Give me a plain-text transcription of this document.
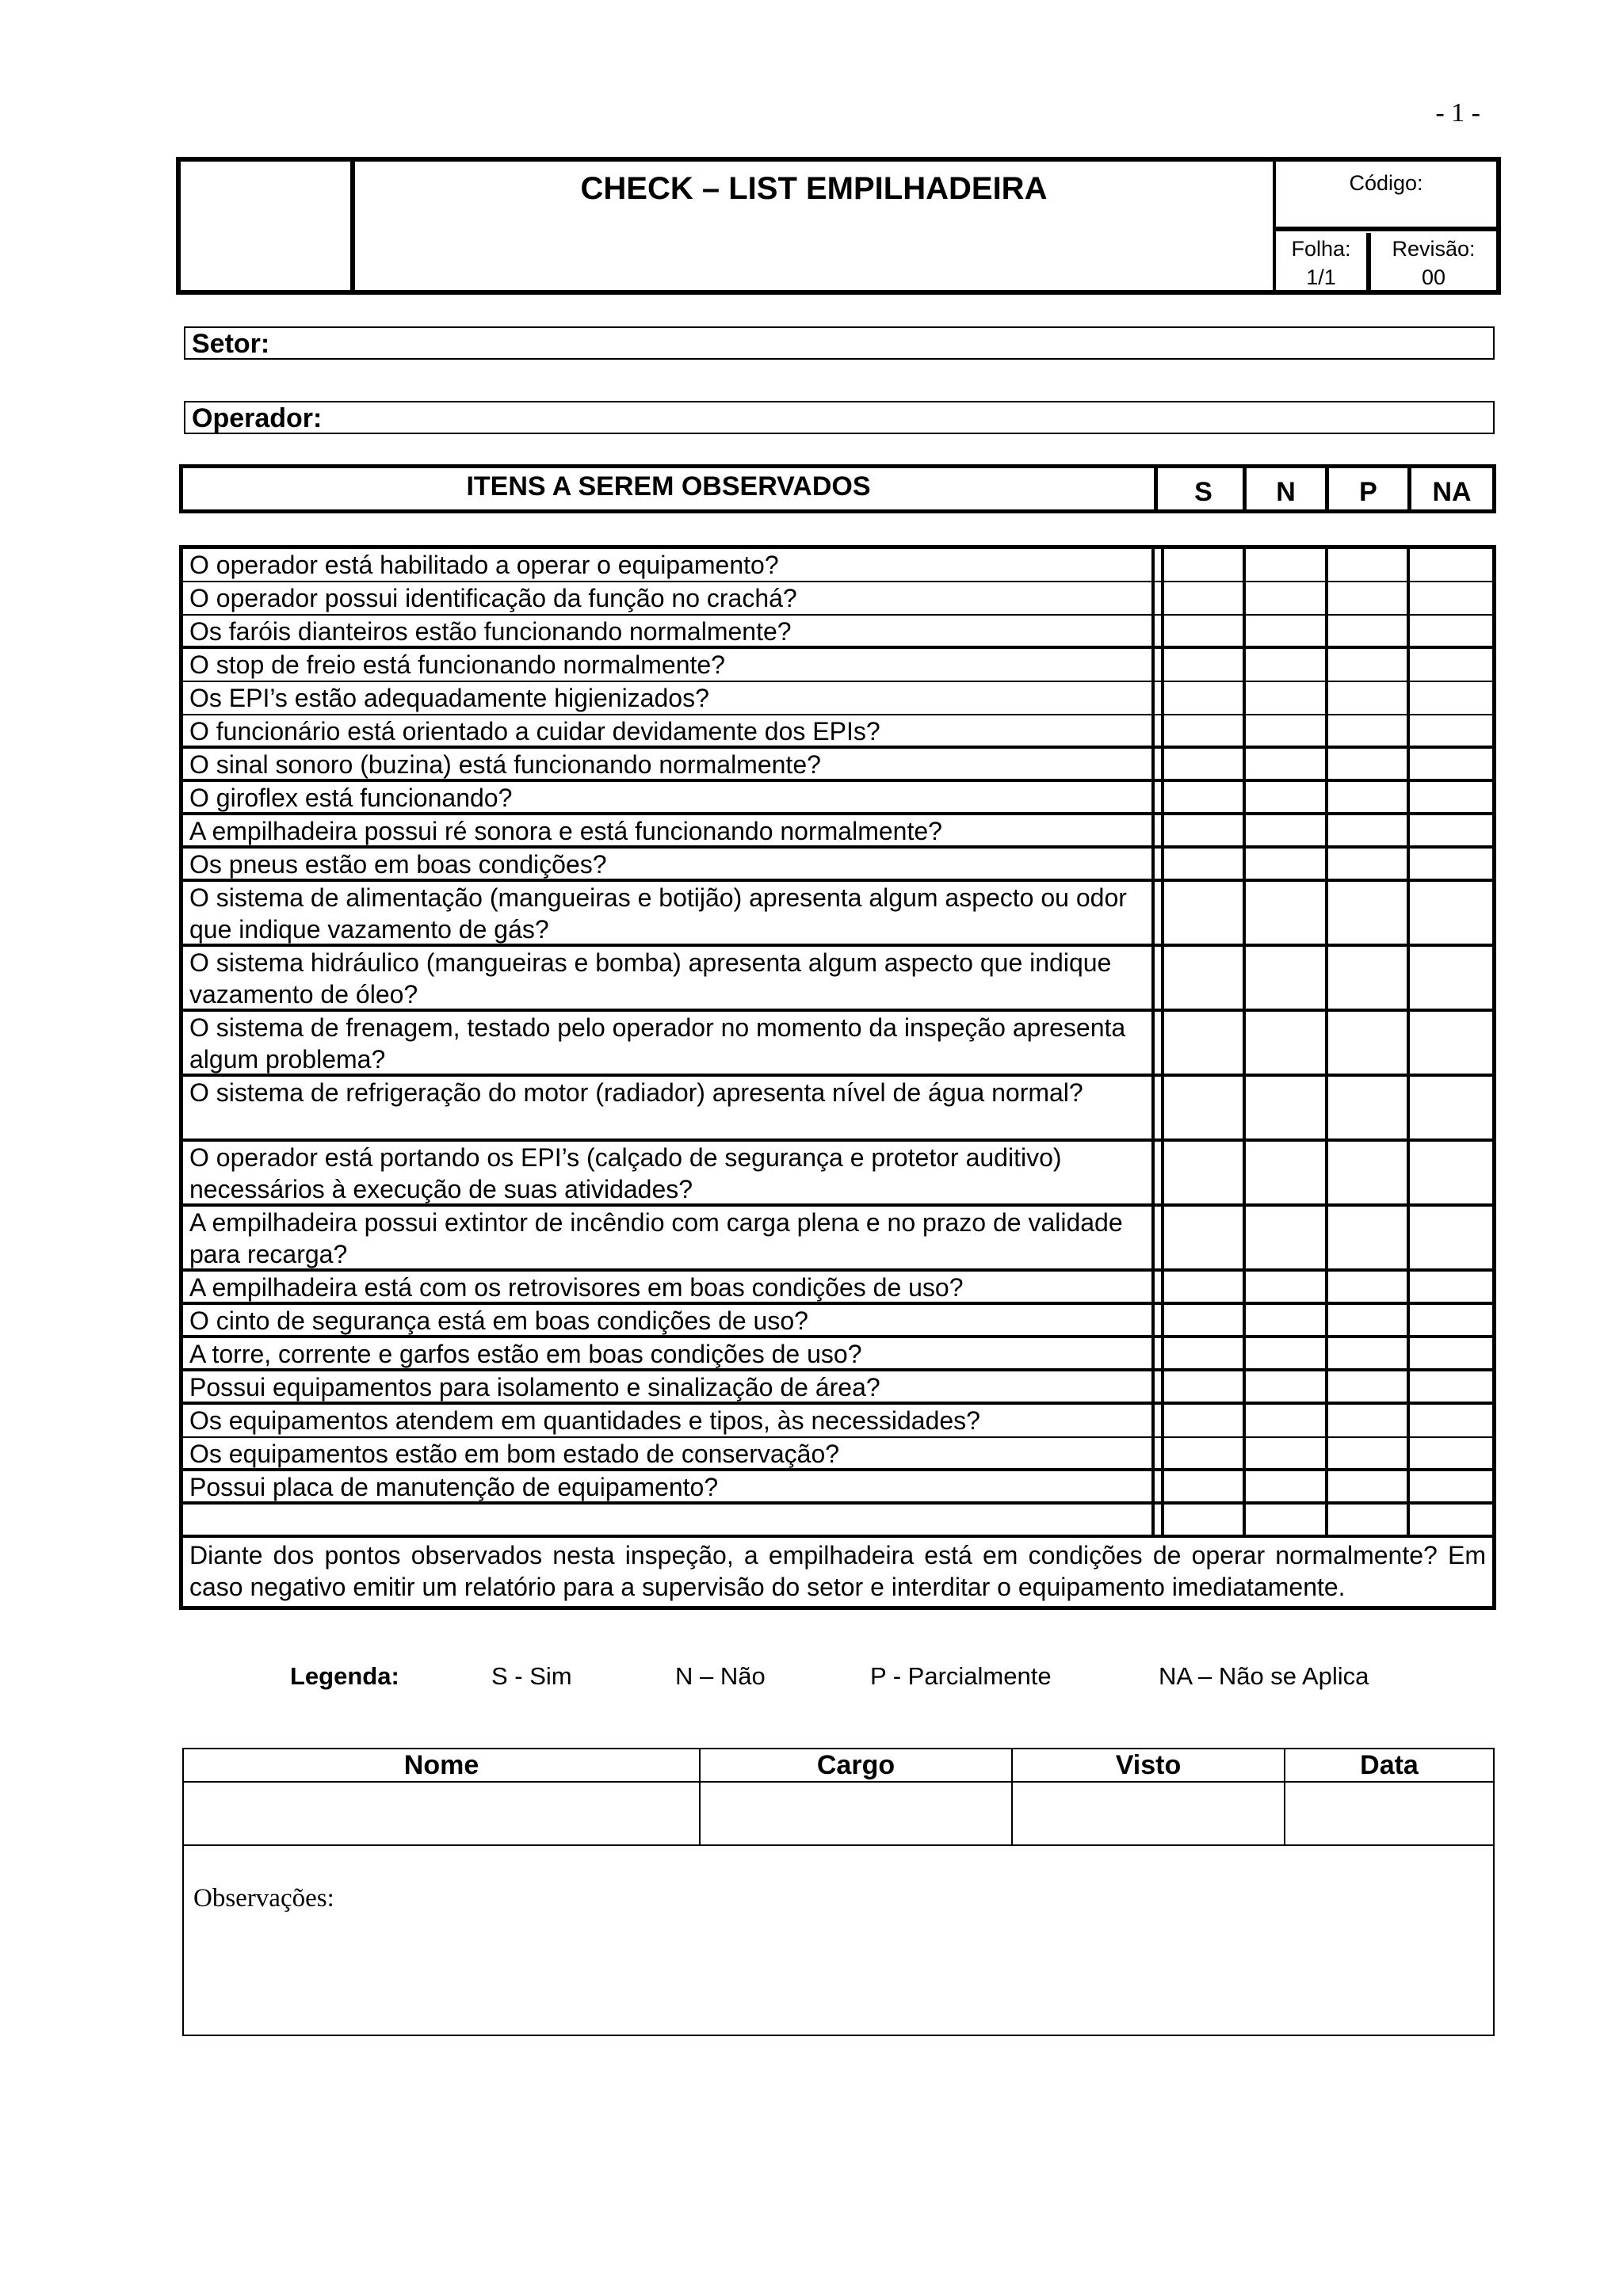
- 1 -
CHECK – LIST EMPILHADEIRA	Código:
Folha:
1/1
Revisão:
00
Setor:
Operador:
ITENS A SEREM OBSERVADOS	S	N	P	NA
O operador está habilitado a operar o equipamento?
O operador possui identificação da função no crachá?
Os faróis dianteiros estão funcionando normalmente?
O stop de freio está funcionando normalmente?
Os EPI’s estão adequadamente higienizados?
O funcionário está orientado a cuidar devidamente dos EPIs?
O sinal sonoro (buzina) está funcionando normalmente?
O giroflex está funcionando?
A empilhadeira possui ré sonora e está funcionando normalmente?
Os pneus estão em boas condições?
O sistema de alimentação (mangueiras e botijão) apresenta algum aspecto ou odor que indique vazamento de gás?
O sistema hidráulico (mangueiras e bomba) apresenta algum aspecto que indique vazamento de óleo?
O sistema de frenagem, testado pelo operador no momento da inspeção apresenta algum problema?
O sistema de refrigeração do motor (radiador) apresenta nível de água normal?
O operador está portando os EPI’s (calçado de segurança e protetor auditivo) necessários à execução de suas atividades?
A empilhadeira possui extintor de incêndio com carga plena e no prazo de validade para recarga?
A empilhadeira está com os retrovisores em boas condições de uso?
O cinto de segurança está em boas condições de uso?
A torre, corrente e garfos estão em boas condições de uso?
Possui equipamentos para isolamento e sinalização de área?
Os equipamentos atendem em quantidades e tipos, às necessidades?
Os equipamentos estão em bom estado de conservação?
Possui placa de manutenção de equipamento?
Diante dos pontos observados nesta inspeção, a empilhadeira está em condições de operar normalmente? Em caso negativo emitir um relatório para a supervisão do setor e interditar o equipamento imediatamente.
Legenda:	S - Sim	N – Não	P - Parcialmente	NA – Não se Aplica
Nome	Cargo	Visto	Data

Observações:			
